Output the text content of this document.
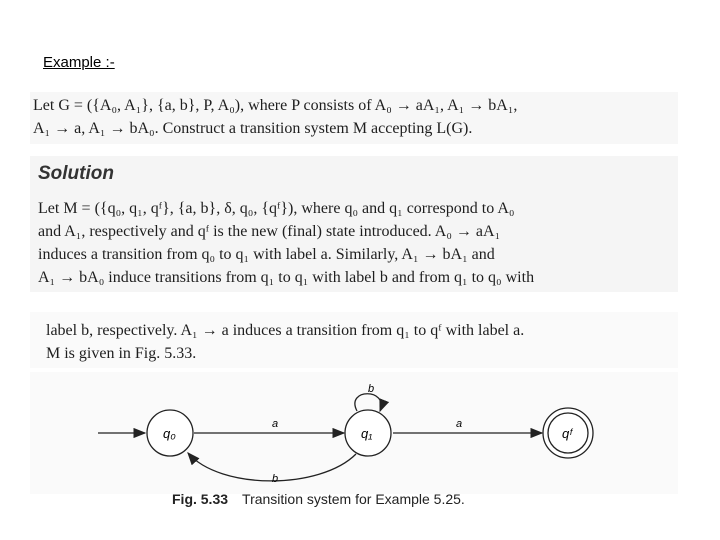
Example :-
Let G = ({A₀, A₁}, {a, b}, P, A₀), where P consists of A₀ → aA₁, A₁ → bA₁,
A₁ → a, A₁ → bA₀. Construct a transition system M accepting L(G).
Solution
Let M = ({q₀, q₁, qᶠ}, {a, b}, δ, q₀, {qᶠ}), where q₀ and q₁ correspond to A₀
and A₁, respectively and qᶠ is the new (final) state introduced. A₀ → aA₁
induces a transition from q₀ to q₁ with label a. Similarly, A₁ → bA₁ and
A₁ → bA₀ induce transitions from q₁ to q₁ with label b and from q₁ to q₀ with
label b, respectively. A₁ → a induces a transition from q₁ to qᶠ with label a.
M is given in Fig. 5.33.
a
b
a
b
q₀	q₁	qᶠ
Fig. 5.33 Transition system for Example 5.25.
